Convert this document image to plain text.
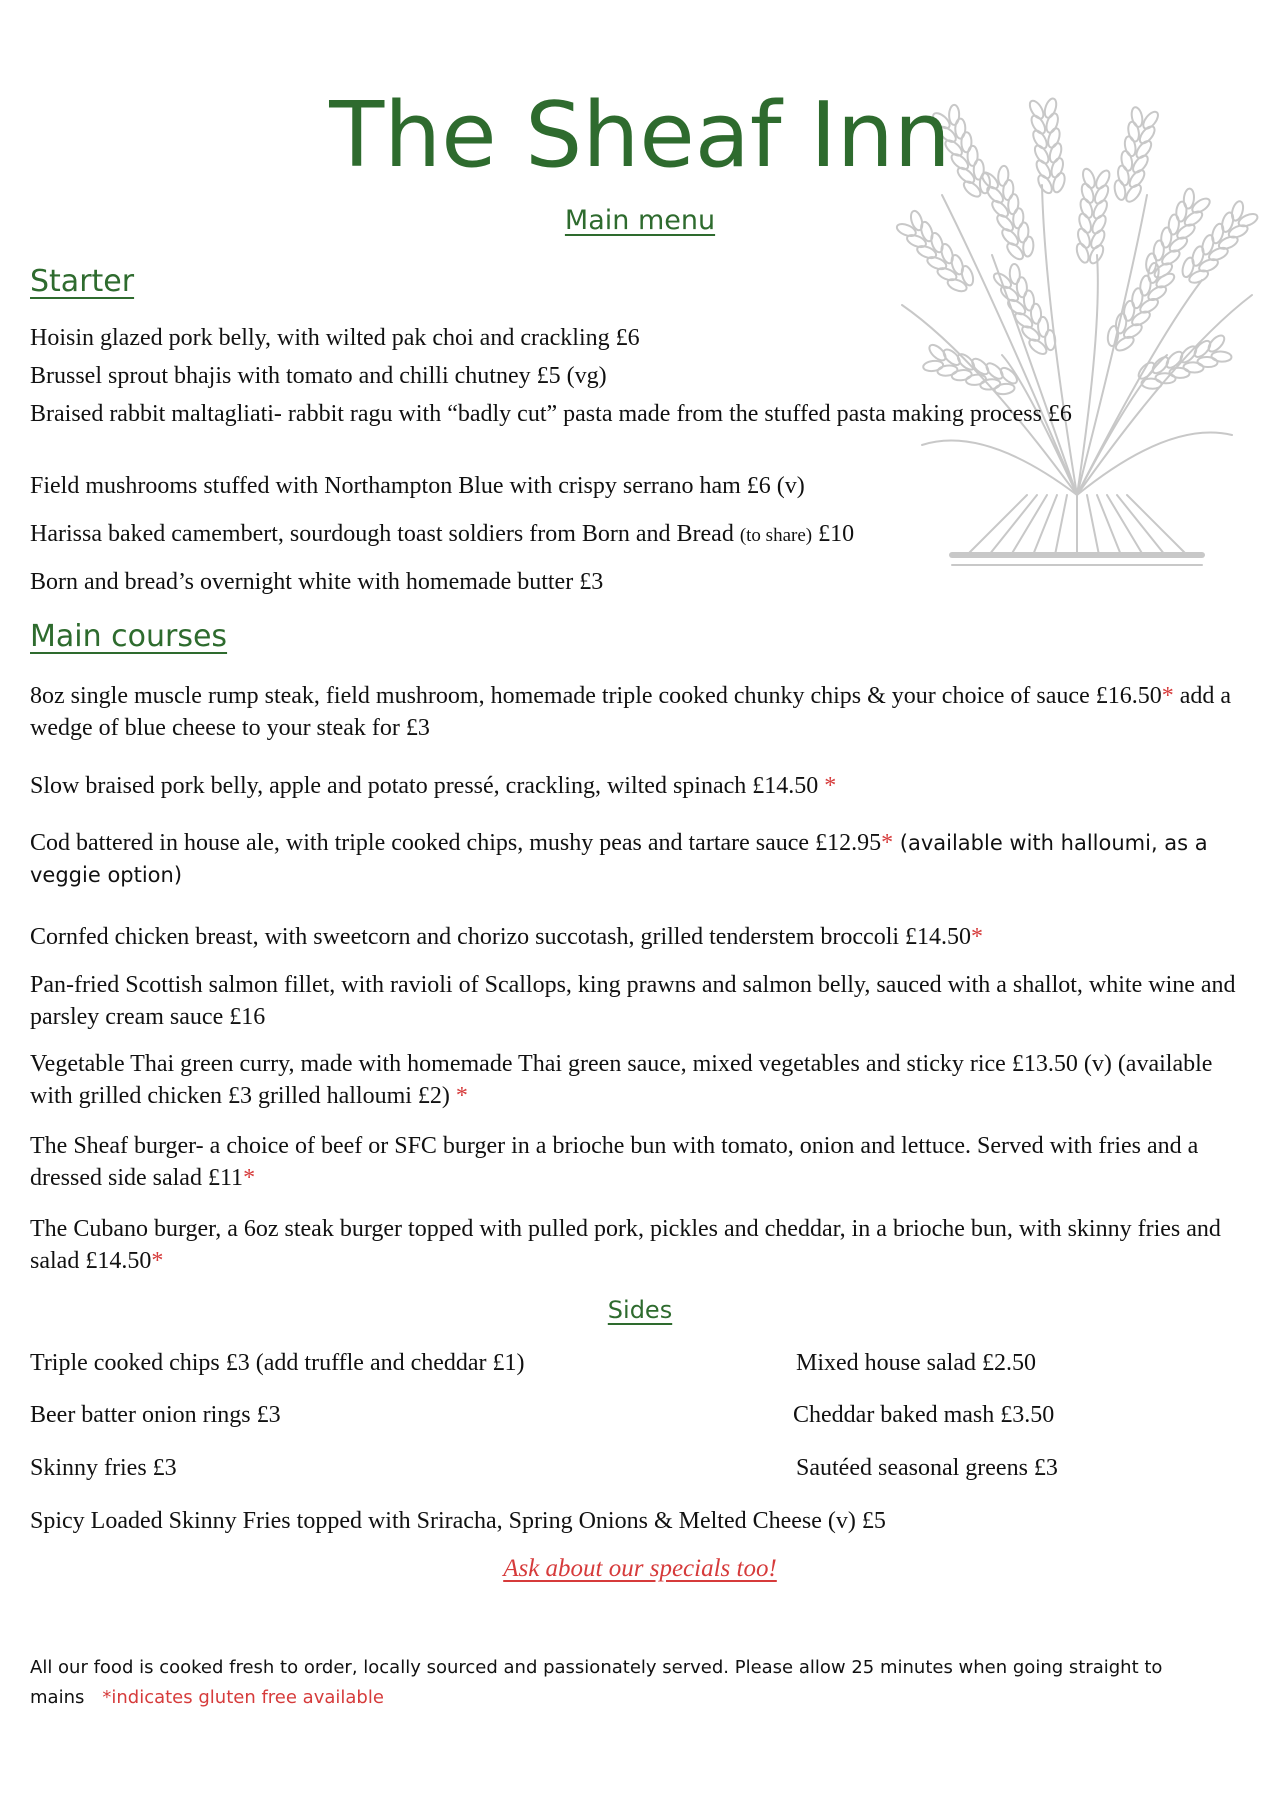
The Sheaf Inn
Main menu
Starter
Hoisin glazed pork belly, with wilted pak choi and crackling £6
Brussel sprout bhajis with tomato and chilli chutney £5 (vg)
Braised rabbit maltagliati- rabbit ragu with “badly cut” pasta made from the stuffed pasta making process £6
Field mushrooms stuffed with Northampton Blue with crispy serrano ham £6 (v)
Harissa baked camembert, sourdough toast soldiers from Born and Bread (to share) £10
Born and bread’s overnight white with homemade butter £3
Main courses
8oz single muscle rump steak, field mushroom, homemade triple cooked chunky chips & your choice of sauce £16.50* add a wedge of blue cheese to your steak for £3
Slow braised pork belly, apple and potato pressé, crackling, wilted spinach £14.50 *
Cod battered in house ale, with triple cooked chips, mushy peas and tartare sauce £12.95* (available with halloumi, as a veggie option)
Cornfed chicken breast, with sweetcorn and chorizo succotash, grilled tenderstem broccoli £14.50*
Pan-fried Scottish salmon fillet, with ravioli of Scallops, king prawns and salmon belly, sauced with a shallot, white wine and parsley cream sauce £16
Vegetable Thai green curry, made with homemade Thai green sauce, mixed vegetables and sticky rice £13.50 (v) (available with grilled chicken £3 grilled halloumi £2) *
The Sheaf burger- a choice of beef or SFC burger in a brioche bun with tomato, onion and lettuce. Served with fries and a dressed side salad £11*
The Cubano burger, a 6oz steak burger topped with pulled pork, pickles and cheddar, in a brioche bun, with skinny fries and salad £14.50*
Sides
Triple cooked chips £3 (add truffle and cheddar £1)
Beer batter onion rings £3
Skinny fries £3
Mixed house salad £2.50
Cheddar baked mash £3.50
Sautéed seasonal greens £3
Spicy Loaded Skinny Fries topped with Sriracha, Spring Onions & Melted Cheese (v) £5
Ask about our specials too!
All our food is cooked fresh to order, locally sourced and passionately served. Please allow 25 minutes when going straight to mains *indicates gluten free available
